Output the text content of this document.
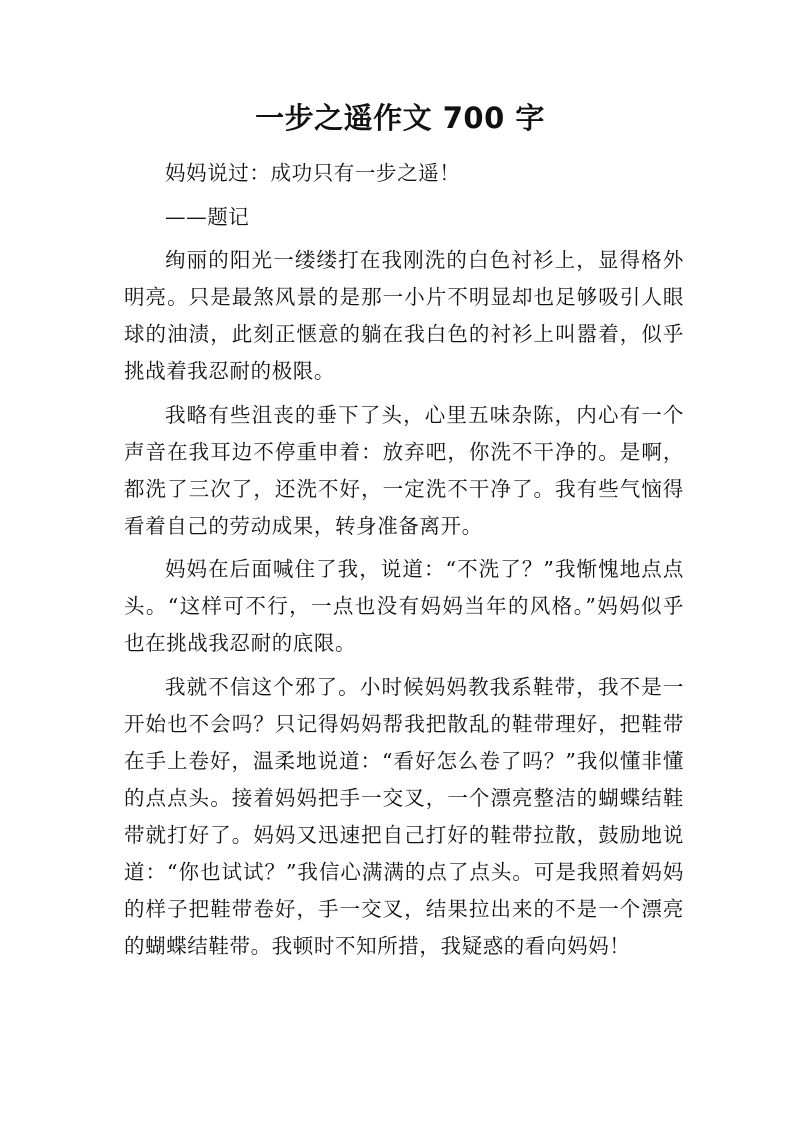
一步之遥作文 700 字

妈妈说过：成功只有一步之遥！

——题记

绚丽的阳光一缕缕打在我刚洗的白色衬衫上，显得格外明亮。只是最煞风景的是那一小片不明显却也足够吸引人眼球的油渍，此刻正惬意的躺在我白色的衬衫上叫嚣着，似乎挑战着我忍耐的极限。

我略有些沮丧的垂下了头，心里五味杂陈，内心有一个声音在我耳边不停重申着：放弃吧，你洗不干净的。是啊，都洗了三次了，还洗不好，一定洗不干净了。我有些气恼得看着自己的劳动成果，转身准备离开。

妈妈在后面喊住了我，说道：“不洗了？”我惭愧地点点头。“这样可不行，一点也没有妈妈当年的风格。”妈妈似乎也在挑战我忍耐的底限。

我就不信这个邪了。小时候妈妈教我系鞋带，我不是一开始也不会吗？只记得妈妈帮我把散乱的鞋带理好，把鞋带在手上卷好，温柔地说道：“看好怎么卷了吗？”我似懂非懂的点点头。接着妈妈把手一交叉，一个漂亮整洁的蝴蝶结鞋带就打好了。妈妈又迅速把自己打好的鞋带拉散，鼓励地说道：“你也试试？”我信心满满的点了点头。可是我照着妈妈的样子把鞋带卷好，手一交叉，结果拉出来的不是一个漂亮的蝴蝶结鞋带。我顿时不知所措，我疑惑的看向妈妈！
